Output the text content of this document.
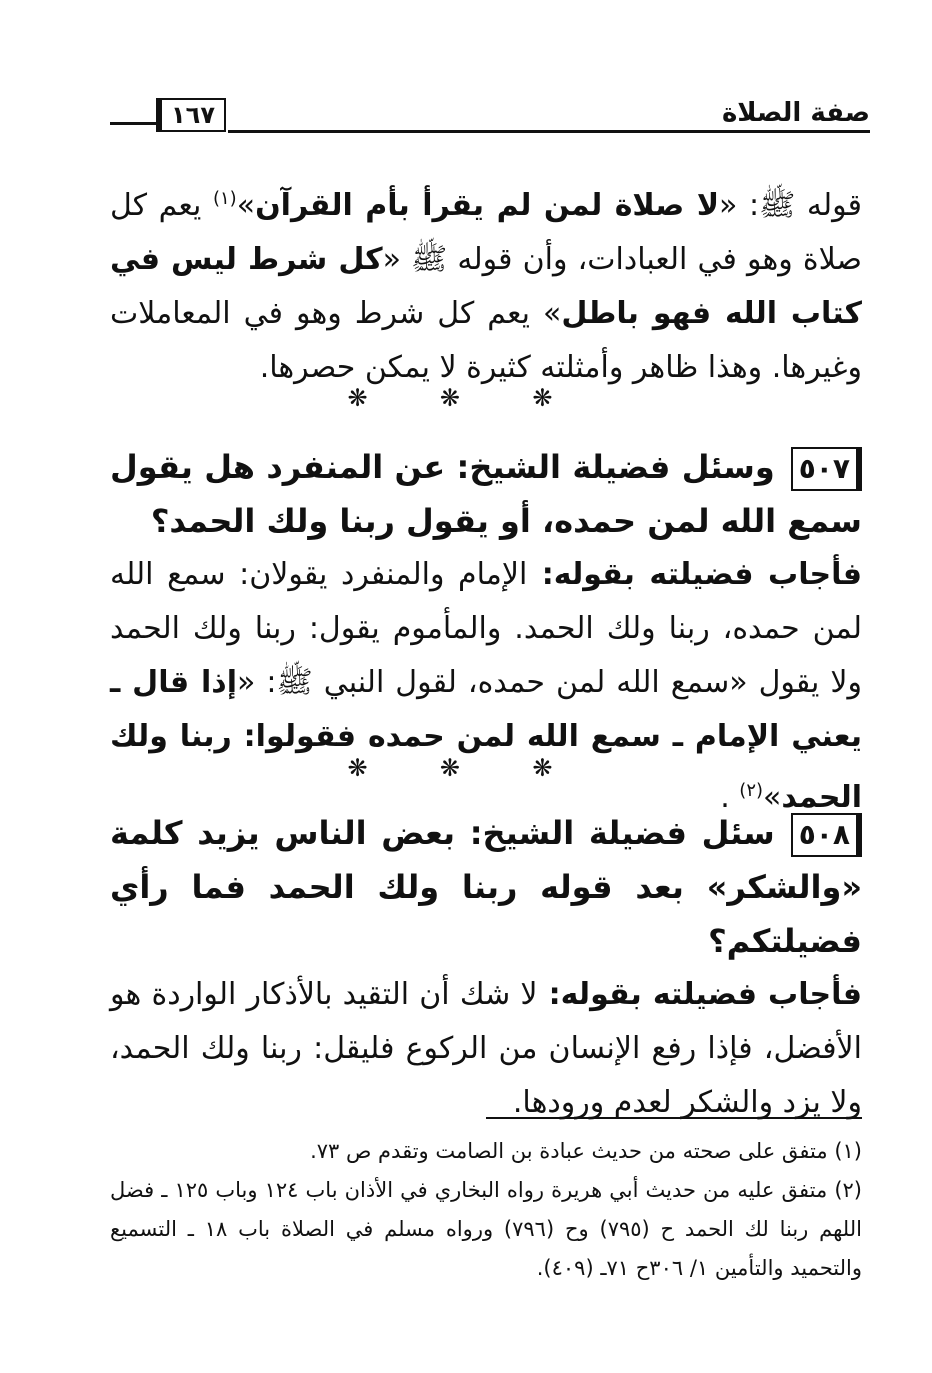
صفة الصلاة
١٦٧
قوله ﷺ: «لا صلاة لمن لم يقرأ بأم القرآن»$^{(١)}$ يعم كل صلاة وهو في العبادات، وأن قوله ﷺ «كل شرط ليس في كتاب الله فهو باطل» يعم كل شرط وهو في المعاملات وغيرها. وهذا ظاهر وأمثلته كثيرة لا يمكن حصرها.
❋ ❋ ❋
٥٠٧وسئل فضيلة الشيخ: عن المنفرد هل يقول سمع الله لمن حمده، أو يقول ربنا ولك الحمد؟
فأجاب فضيلته بقوله: الإمام والمنفرد يقولان: سمع الله لمن حمده، ربنا ولك الحمد. والمأموم يقول: ربنا ولك الحمد ولا يقول «سمع الله لمن حمده، لقول النبي ﷺ: «إذا قال ـ يعني الإمام ـ سمع الله لمن حمده فقولوا: ربنا ولك الحمد»$^{(٢)}$ .
❋ ❋ ❋
٥٠٨سئل فضيلة الشيخ: بعض الناس يزيد كلمة «والشكر» بعد قوله ربنا ولك الحمد فما رأي فضيلتكم؟
فأجاب فضيلته بقوله: لا شك أن التقيد بالأذكار الواردة هو الأفضل، فإذا رفع الإنسان من الركوع فليقل: ربنا ولك الحمد، ولا يزد والشكر لعدم ورودها.
(١) متفق على صحته من حديث عبادة بن الصامت وتقدم ص ٧٣.
(٢) متفق عليه من حديث أبي هريرة رواه البخاري في الأذان باب ١٢٤ وباب ١٢٥ ـ فضل اللهم ربنا لك الحمد ح (٧٩٥) وح (٧٩٦) ورواه مسلم في الصلاة باب ١٨ ـ التسميع والتحميد والتأمين ١/ ٣٠٦ح ٧١ـ (٤٠٩).
